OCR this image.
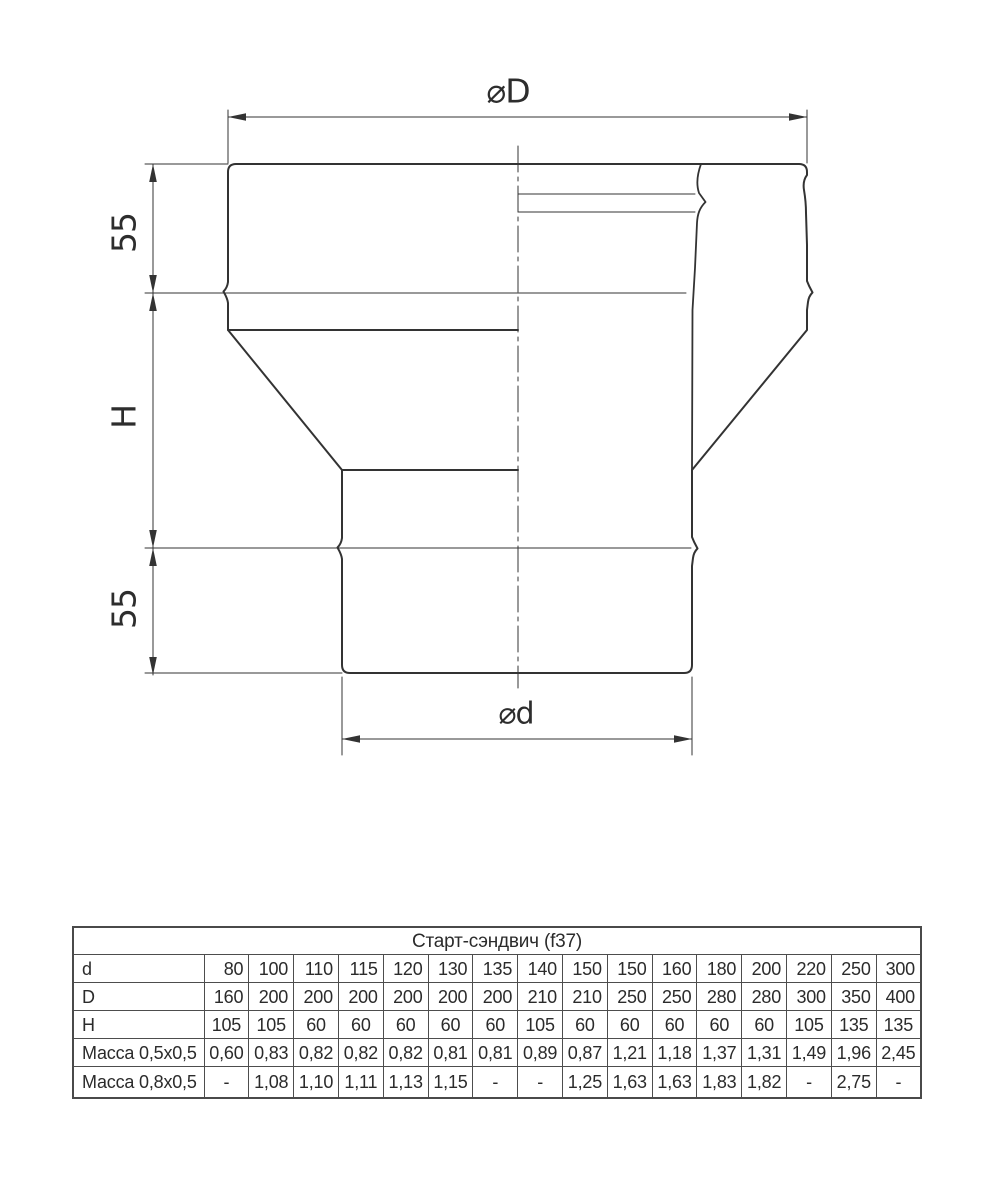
⌀D
55
H
55
⌀d
Старт-сэндвич (f37)																
d	80	100	110	115	120	130	135	140	150	150	160	180	200	220	250	300
D	160	200	200	200	200	200	200	210	210	250	250	280	280	300	350	400
H	105	105	60	60	60	60	60	105	60	60	60	60	60	105	135	135
Масса 0,5x0,5	0,60	0,83	0,82	0,82	0,82	0,81	0,81	0,89	0,87	1,21	1,18	1,37	1,31	1,49	1,96	2,45
Масса 0,8x0,5	-	1,08	1,10	1,11	1,13	1,15	-	-	1,25	1,63	1,63	1,83	1,82	-	2,75	-
